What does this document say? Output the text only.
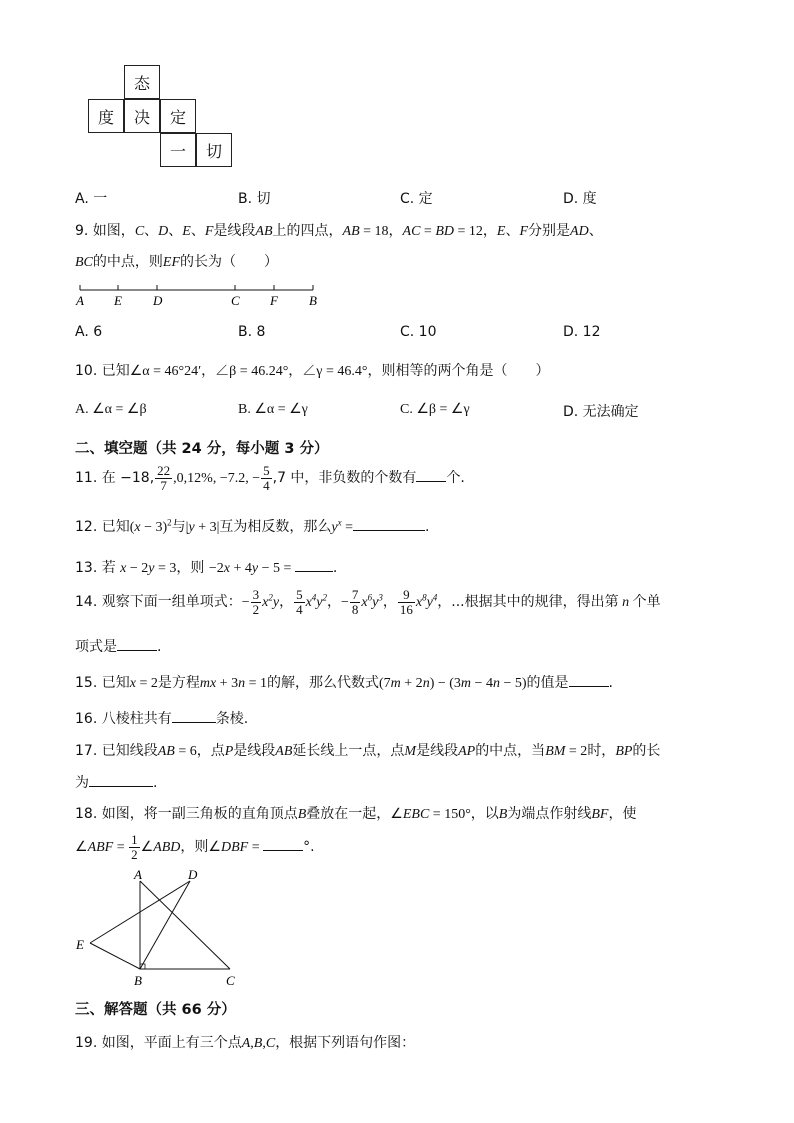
态
度	决	定
一	切
A. 一	B. 切	C. 定	D. 度
9. 如图，C、D、E、F是线段AB上的四点，AB = 18，AC = BD = 12，E、F分别是AD、
BC的中点，则EF的长为（　　）
A E D	C F B
A. 6	B. 8	C. 10	D. 12
10. 已知∠α = 46°24′，∠β = 46.24°，∠γ = 46.4°，则相等的两个角是（　　）
A. ∠α = ∠β	B. ∠α = ∠γ	C. ∠β = ∠γ	D. 无法确定
二、填空题（共 24 分，每小题 3 分）
11. 在 −18, $\frac{22}{7} ,0,12\%$, −7.2, − $\frac{5}{4} ,7$ 中，非负数的个数有 个.
12. 已知$(x - 3)^2$与|y + 3|互为相反数，那么$y^x$ =	.
13. 若 x − 2y = 3，则 −2x + 4y − 5 =	.
14. 观察下面一组单项式：− $\frac{3}{2} x^2y$， $\frac{5}{4} x^4y^2$，− $\frac{7}{8} x^6y^3$， $\frac{9}{16} x^8y^4$，...根据其中的规律，得出第 n 个单
项式是	.
15. 已知x = 2是方程mx + 3n = 1的解，那么代数式(7m + 2n) − (3m − 4n − 5)的值是	.
16. 八棱柱共有	条棱.
17. 已知线段AB = 6，点P是线段AB延长线上一点，点M是线段AP的中点，当BM = 2时，BP的长
为	.
18. 如图，将一副三角板的直角顶点B叠放在一起，∠EBC = 150°，以B为端点作射线BF，使
∠ABF = $\frac{1}{2}$ ∠ABD，则∠DBF =	°.
A	D
E
B	C
三、解答题（共 66 分）
19. 如图，平面上有三个点A,B,C，根据下列语句作图：
